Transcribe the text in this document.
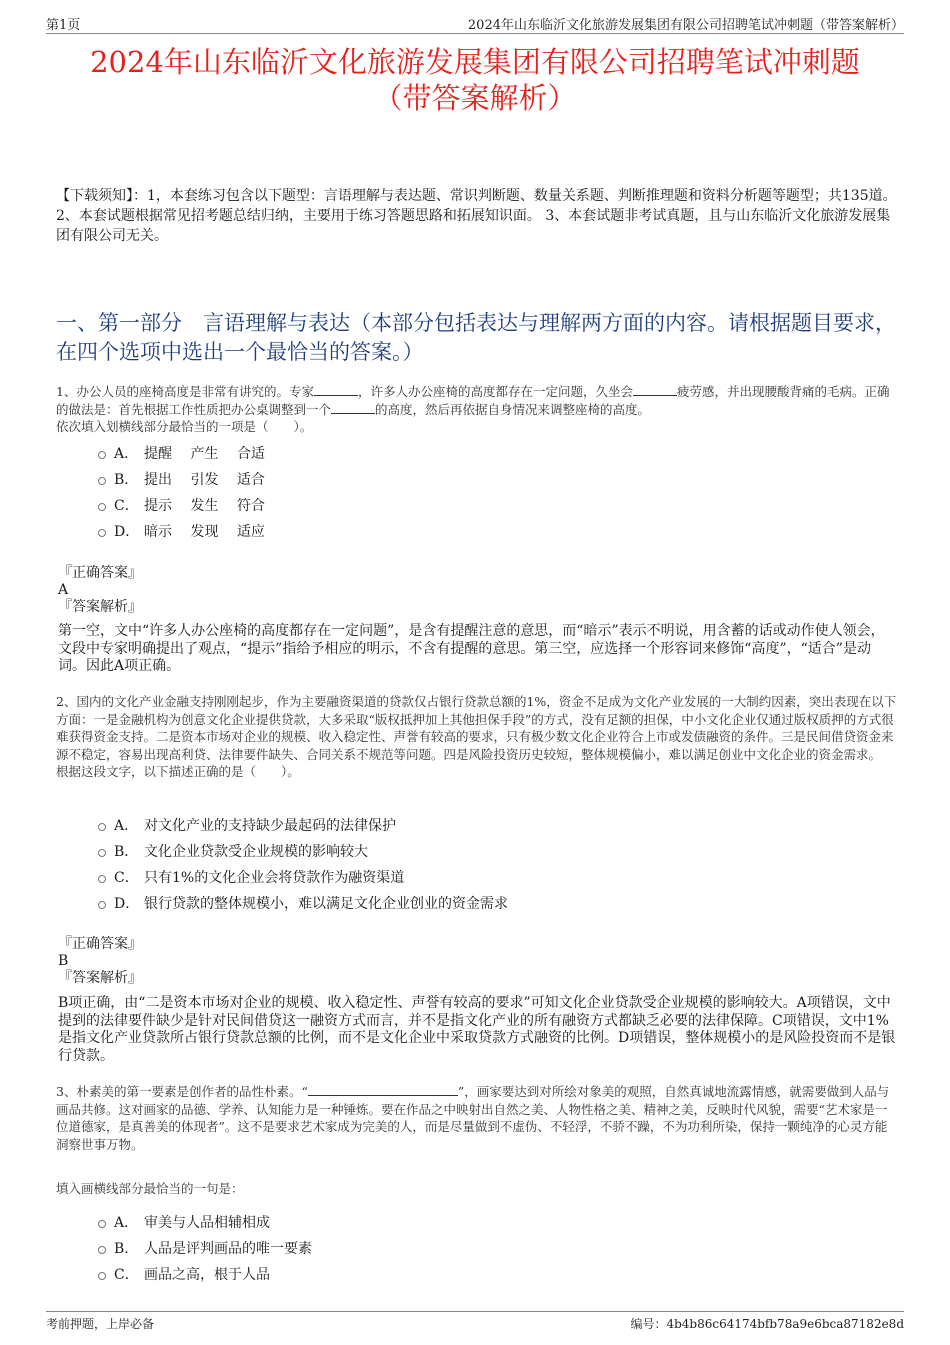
第1页	2024年山东临沂文化旅游发展集团有限公司招聘笔试冲刺题（带答案解析）
2024年山东临沂文化旅游发展集团有限公司招聘笔试冲刺题
（带答案解析）
【下载须知】：1，本套练习包含以下题型：言语理解与表达题、常识判断题、数量关系题、判断推理题和资料分析题等题型；共135道。 2、本套试题根据常见招考题总结归纳，主要用于练习答题思路和拓展知识面。 3、本套试题非考试真题，且与山东临沂文化旅游发展集团有限公司无关。
一、第一部分　言语理解与表达（本部分包括表达与理解两方面的内容。请根据题目要求，在四个选项中选出一个最恰当的答案。）
1、办公人员的座椅高度是非常有讲究的。专家	，许多人办公座椅的高度都存在一定问题，久坐会	疲劳感，并出现腰酸背痛的毛病。正确的做法是：首先根据工作性质把办公桌调整到一个	的高度，然后再依据自身情况来调整座椅的高度。
依次填入划横线部分最恰当的一项是（　　）。
A． 提醒　 产生　 合适
B． 提出　 引发　 适合
C． 提示　 发生　 符合
D． 暗示　 发现　 适应
『正确答案』
A
『答案解析』
第一空，文中“许多人办公座椅的高度都存在一定问题”，是含有提醒注意的意思，而“暗示”表示不明说，用含蓄的话或动作使人领会，文段中专家明确提出了观点，“提示”指给予相应的明示，不含有提醒的意思。第三空，应选择一个形容词来修饰“高度”，“适合”是动词。因此A项正确。
2、国内的文化产业金融支持刚刚起步，作为主要融资渠道的贷款仅占银行贷款总额的1%，资金不足成为文化产业发展的一大制约因素，突出表现在以下方面：一是金融机构为创意文化企业提供贷款，大多采取“版权抵押加上其他担保手段”的方式，没有足额的担保，中小文化企业仅通过版权质押的方式很难获得资金支持。二是资本市场对企业的规模、收入稳定性、声誉有较高的要求，只有极少数文化企业符合上市或发债融资的条件。三是民间借贷资金来源不稳定，容易出现高利贷、法律要件缺失、合同关系不规范等问题。四是风险投资历史较短，整体规模偏小，难以满足创业中文化企业的资金需求。
根据这段文字，以下描述正确的是（　　）。
A． 对文化产业的支持缺少最起码的法律保护
B． 文化企业贷款受企业规模的影响较大
C． 只有1%的文化企业会将贷款作为融资渠道
D． 银行贷款的整体规模小，难以满足文化企业创业的资金需求
『正确答案』
B
『答案解析』
B项正确，由“二是资本市场对企业的规模、收入稳定性、声誉有较高的要求”可知文化企业贷款受企业规模的影响较大。A项错误，文中提到的法律要件缺少是针对民间借贷这一融资方式而言，并不是指文化产业的所有融资方式都缺乏必要的法律保障。C项错误，文中1%是指文化产业贷款所占银行贷款总额的比例，而不是文化企业中采取贷款方式融资的比例。D项错误，整体规模小的是风险投资而不是银行贷款。
3、朴素美的第一要素是创作者的品性朴素。“	”，画家要达到对所绘对象美的观照，自然真诚地流露情感，就需要做到人品与画品共修。这对画家的品德、学养、认知能力是一种锤炼。要在作品之中映射出自然之美、人物性格之美、精神之美，反映时代风貌，需要“艺术家是一位道德家，是真善美的体现者”。这不是要求艺术家成为完美的人，而是尽量做到不虚伪、不轻浮，不骄不躁，不为功利所染，保持一颗纯净的心灵方能洞察世事万物。
填入画横线部分最恰当的一句是：
A． 审美与人品相辅相成
B． 人品是评判画品的唯一要素
C． 画品之高，根于人品
考前押题，上岸必备	编号：4b4b86c64174bfb78a9e6bca87182e8d
